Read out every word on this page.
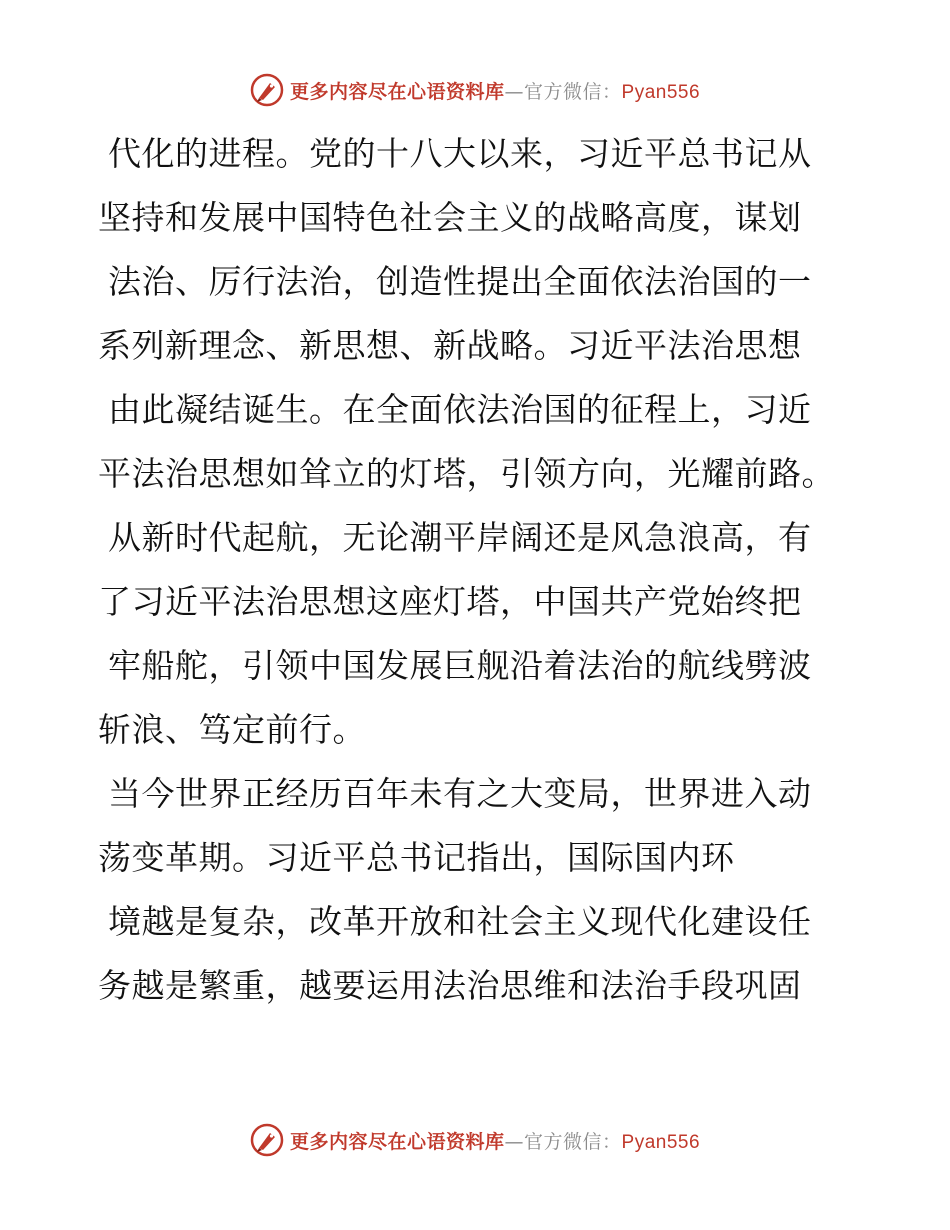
更多内容尽在心语资料库—官方微信：Pyan556
代化的进程。党的十八大以来，习近平总书记从
坚持和发展中国特色社会主义的战略高度，谋划
法治、厉行法治，创造性提出全面依法治国的一
系列新理念、新思想、新战略。习近平法治思想
由此凝结诞生。在全面依法治国的征程上，习近
平法治思想如耸立的灯塔，引领方向，光耀前路。
从新时代起航，无论潮平岸阔还是风急浪高，有
了习近平法治思想这座灯塔，中国共产党始终把
牢船舵，引领中国发展巨舰沿着法治的航线劈波
斩浪、笃定前行。
当今世界正经历百年未有之大变局，世界进入动
荡变革期。习近平总书记指出，国际国内环
境越是复杂，改革开放和社会主义现代化建设任
务越是繁重，越要运用法治思维和法治手段巩固
更多内容尽在心语资料库—官方微信：Pyan556
